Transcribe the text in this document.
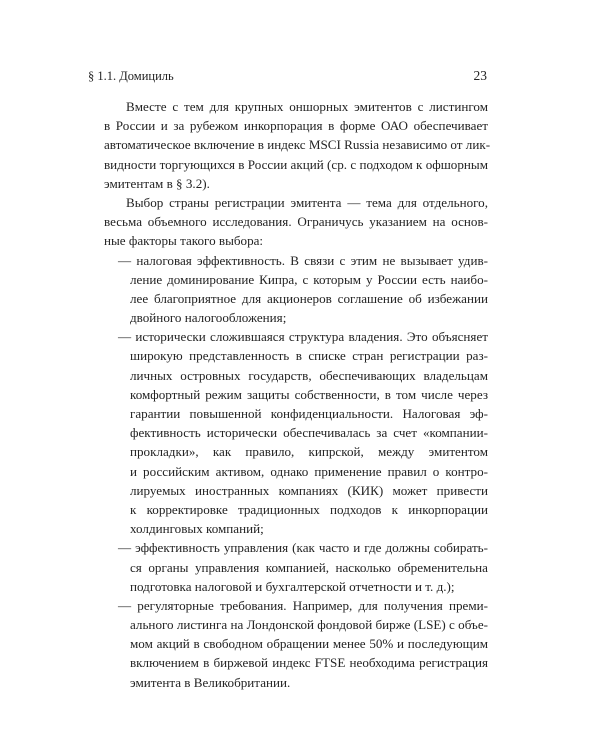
§ 1.1. Домициль	23
Вместе с тем для крупных оншорных эмитентов с листингом
в России и за рубежом инкорпорация в форме ОАО обеспечивает
автоматическое включение в индекс MSCI Russia независимо от лик-
видности торгующихся в России акций (ср. с подходом к офшорным
эмитентам в § 3.2).
Выбор страны регистрации эмитента — тема для отдельного,
весьма объемного исследования. Ограничусь указанием на основ-
ные факторы такого выбора:
— налоговая эффективность. В связи с этим не вызывает удив-
ление доминирование Кипра, с которым у России есть наибо-
лее благоприятное для акционеров соглашение об избежании
двойного налогообложения;
— исторически сложившаяся структура владения. Это объясняет
широкую представленность в списке стран регистрации раз-
личных островных государств, обеспечивающих владельцам
комфортный режим защиты собственности, в том числе через
гарантии повышенной конфиденциальности. Налоговая эф-
фективность исторически обеспечивалась за счет «компании-
прокладки», как правило, кипрской, между эмитентом
и российским активом, однако применение правил о контро-
лируемых иностранных компаниях (КИК) может привести
к корректировке традиционных подходов к инкорпорации
холдинговых компаний;
— эффективность управления (как часто и где должны собирать-
ся органы управления компанией, насколько обременительна
подготовка налоговой и бухгалтерской отчетности и т. д.);
— регуляторные требования. Например, для получения преми-
ального листинга на Лондонской фондовой бирже (LSE) с объе-
мом акций в свободном обращении менее 50% и последующим
включением в биржевой индекс FTSE необходима регистрация
эмитента в Великобритании.
